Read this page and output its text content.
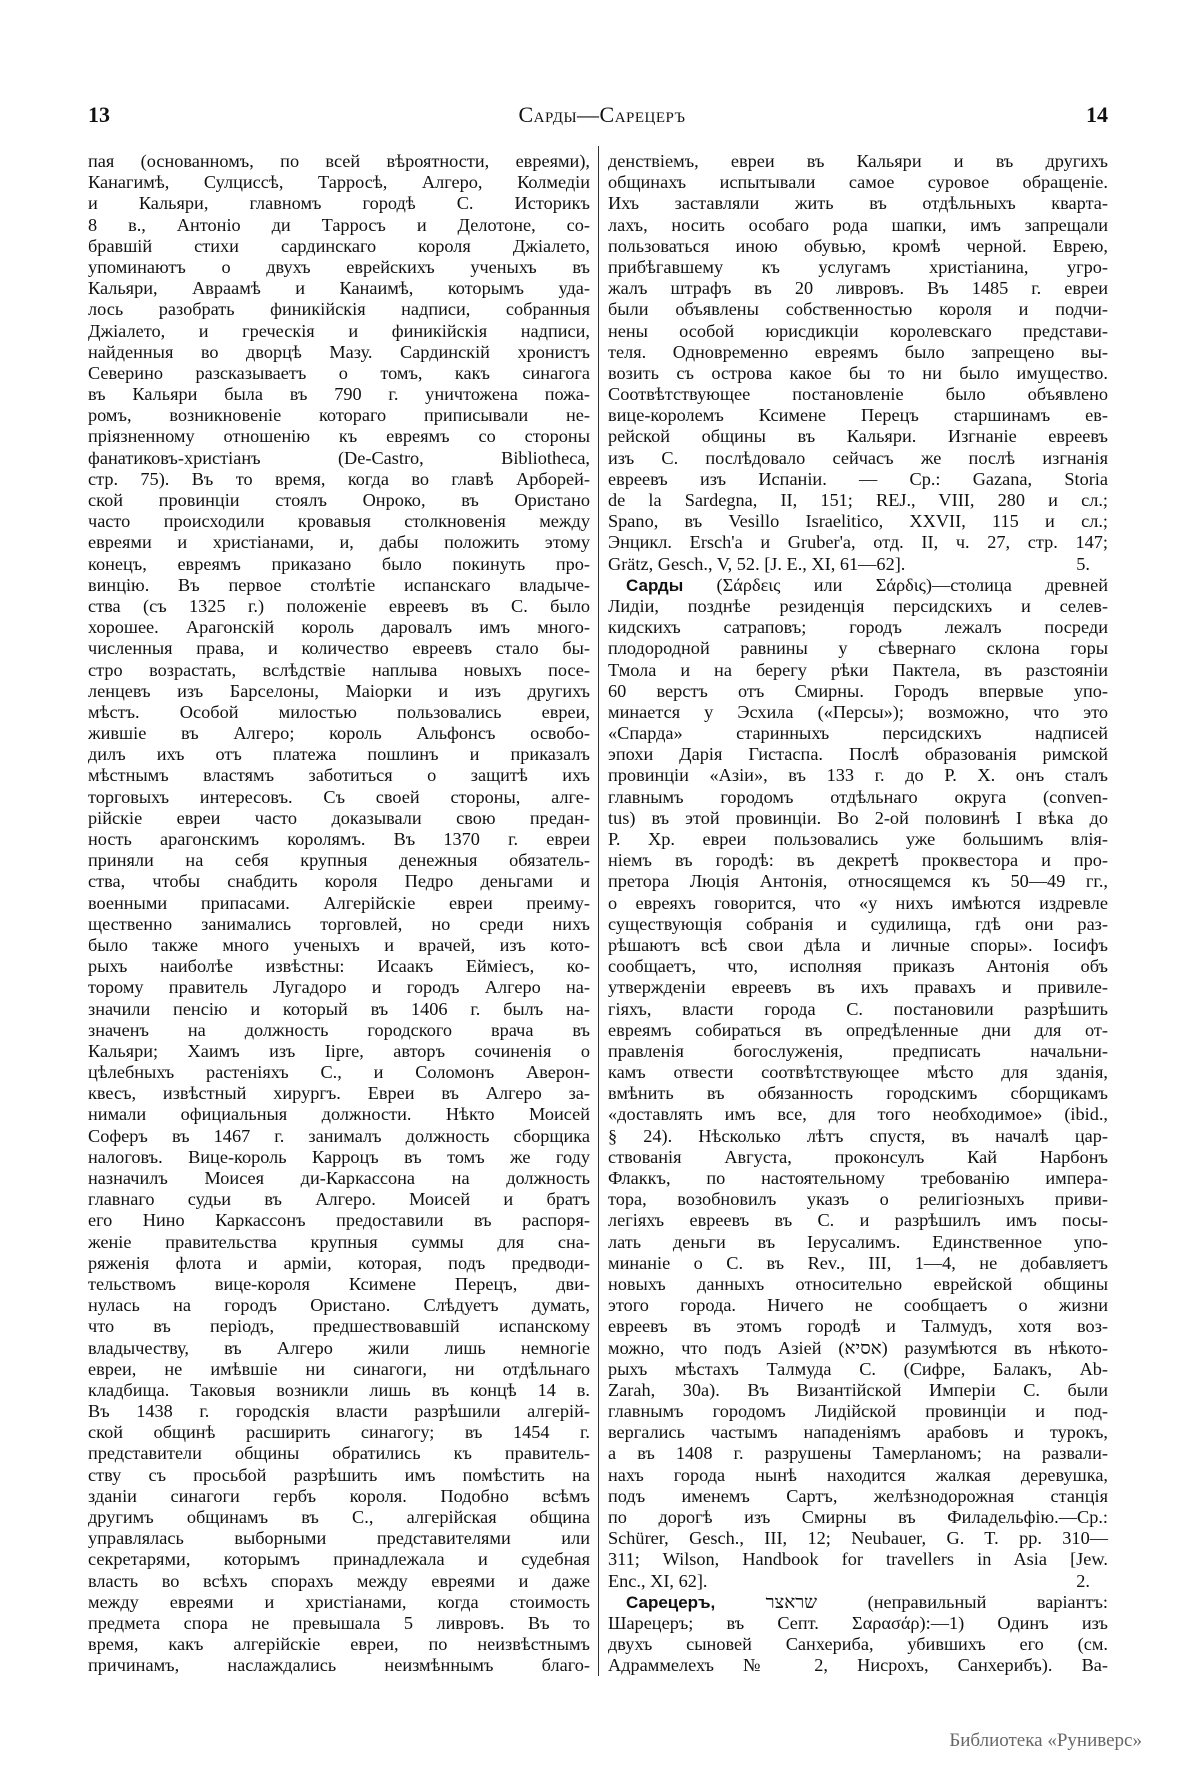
13	Сарды—Сарецеръ	14
пая (основанномъ, по всей вѣроятности, евреями),
Канагимѣ, Сулциссѣ, Тарросѣ, Алгеро, Колмедіи
и Кальяри, главномъ городѣ С. Историкъ
8 в., Антоніо ди Тарросъ и Делотоне, со-
бравшій стихи сардинскаго короля Джіалето,
упоминаютъ о двухъ еврейскихъ ученыхъ въ
Кальяри, Авраамѣ и Канаимѣ, которымъ уда-
лось разобрать финикійскія надписи, собранныя
Джіалето, и греческія и финикійскія надписи,
найденныя во дворцѣ Мазу. Сардинскій хронистъ
Северино разсказываетъ о томъ, какъ синагога
въ Кальяри была въ 790 г. уничтожена пожа-
ромъ, возникновеніе котораго приписывали не-
пріязненному отношенію къ евреямъ со стороны
фанатиковъ-христіанъ (De-Castro, Bibliotheca,
стр. 75). Въ то время, когда во главѣ Арборей-
ской провинціи стоялъ Онроко, въ Ористано
часто происходили кровавыя столкновенія между
евреями и христіанами, и, дабы положить этому
конецъ, евреямъ приказано было покинуть про-
винцію. Въ первое столѣтіе испанскаго владыче-
ства (съ 1325 г.) положеніе евреевъ въ С. было
хорошее. Арагонскій король даровалъ имъ много-
численныя права, и количество евреевъ стало бы-
стро возрастать, вслѣдствіе наплыва новыхъ посе-
ленцевъ изъ Барселоны, Маіорки и изъ другихъ
мѣстъ. Особой милостью пользовались евреи,
жившіе въ Алгеро; король Альфонсъ освобо-
дилъ ихъ отъ платежа пошлинъ и приказалъ
мѣстнымъ властямъ заботиться о защитѣ ихъ
торговыхъ интересовъ. Съ своей стороны, алге-
рійскіе евреи часто доказывали свою предан-
ность арагонскимъ королямъ. Въ 1370 г. евреи
приняли на себя крупныя денежныя обязатель-
ства, чтобы снабдить короля Педро деньгами и
военными припасами. Алгерійскіе евреи преиму-
щественно занимались торговлей, но среди нихъ
было также много ученыхъ и врачей, изъ кото-
рыхъ наиболѣе извѣстны: Исаакъ Еймiесъ, ко-
торому правитель Лугадоро и городъ Алгеро на-
значили пенсію и который въ 1406 г. былъ на-
значенъ на должность городского врача въ
Кальяри; Хаимъ изъ Ііpre, авторъ сочиненія о
цѣлебныхъ растеніяхъ С., и Соломонъ Аверон-
квесъ, извѣстный хирургъ. Евреи въ Алгеро за-
нимали официальныя должности. Нѣкто Моисей
Соферъ въ 1467 г. занималъ должность сборщика
налоговъ. Вице-король Карроцъ въ томъ же году
назначилъ Моисея ди-Каркассона на должность
главнаго судьи въ Алгеро. Моисей и братъ
его Нино Каркассонъ предоставили въ распоря-
женіе правительства крупныя суммы для сна-
ряженія флота и арміи, которая, подъ предводи-
тельствомъ вице-короля Ксимене Перецъ, дви-
нулась на городъ Ористано. Слѣдуетъ думать,
что въ періодъ, предшествовавшій испанскому
владычеству, въ Алгеро жили лишь немногіе
евреи, не имѣвшіе ни синагоги, ни отдѣльнаго
кладбища. Таковыя возникли лишь въ концѣ 14 в.
Въ 1438 г. городскія власти разрѣшили алгерій-
ской общинѣ расширить синагогу; въ 1454 г.
представители общины обратились къ правитель-
ству съ просьбой разрѣшить имъ помѣстить на
зданіи синагоги гербъ короля. Подобно всѣмъ
другимъ общинамъ въ С., алгерійская община
управлялась выборными представителями или
секретарями, которымъ принадлежала и судебная
власть во всѣхъ спорахъ между евреями и даже
между евреями и христіанами, когда стоимость
предмета спора не превышала 5 ливровъ. Въ то
время, какъ алгерійскіе евреи, по неизвѣстнымъ
причинамъ, наслаждались неизмѣннымъ благо-
денствіемъ, евреи въ Кальяри и въ другихъ
общинахъ испытывали самое суровое обращеніе.
Ихъ заставляли жить въ отдѣльныхъ кварта-
лахъ, носить особаго рода шапки, имъ запрещали
пользоваться иною обувью, кромѣ черной. Еврею,
прибѣгавшему къ услугамъ христіанина, угро-
жалъ штрафъ въ 20 ливровъ. Въ 1485 г. евреи
были объявлены собственностью короля и подчи-
нены особой юрисдикціи королевскаго представи-
теля. Одновременно евреямъ было запрещено вы-
возить съ острова какое бы то ни было имущество.
Соотвѣтствующее постановленіе было объявлено
вице-королемъ Ксимене Перецъ старшинамъ ев-
рейской общины въ Кальяри. Изгнаніе евреевъ
изъ С. послѣдовало сейчасъ же послѣ изгнанія
евреевъ изъ Испаніи. — Ср.: Gazana, Storia
de la Sardegna, II, 151; REJ., VIII, 280 и сл.;
Spano, въ Vesillo Israelitico, XXVII, 115 и сл.;
Энцикл. Ersch'a и Gruber'a, отд. II, ч. 27, стр. 147;
Grätz, Gesch., V, 52. [J. E., XI, 61—62].	5.
Сарды (Σάρδεις или Σάρδις)—столица древней
Лидіи, позднѣе резиденція персидскихъ и селев-
кидскихъ сатраповъ; городъ лежалъ посреди
плодородной равнины у сѣвернаго склона горы
Тмола и на берегу рѣки Пактела, въ разстояніи
60 верстъ отъ Смирны. Городъ впервые упо-
минается у Эсхила («Персы»); возможно, что это
«Спарда» старинныхъ персидскихъ надписей
эпохи Дарія Гистаспа. Послѣ образованія римской
провинціи «Азіи», въ 133 г. до Р. Х. онъ сталъ
главнымъ городомъ отдѣльнаго округа (conven-
tus) въ этой провинціи. Во 2-ой половинѣ I вѣка до
Р. Хр. евреи пользовались уже большимъ влія-
ніемъ въ городѣ: въ декретѣ проквестора и про-
претора Люція Антонія, относящемся къ 50—49 гг.,
о евреяхъ говорится, что «у нихъ имѣются издревле
существующія собранія и судилища, гдѣ они раз-
рѣшаютъ всѣ свои дѣла и личные споры». Іосифъ
сообщаетъ, что, исполняя приказъ Антонія объ
утвержденіи евреевъ въ ихъ правахъ и привиле-
гіяхъ, власти города С. постановили разрѣшить
евреямъ собираться въ опредѣленные дни для от-
правленія богослуженія, предписать начальни-
камъ отвести соотвѣтствующее мѣсто для зданія,
вмѣнить въ обязанность городскимъ сборщикамъ
«доставлять имъ все, для того необходимое» (ibid.,
§ 24). Нѣсколько лѣтъ спустя, въ началѣ цар-
ствованія Августа, проконсулъ Кай Нарбонъ
Флаккъ, по настоятельному требованію импера-
тора, возобновилъ указъ о религіозныхъ приви-
легіяхъ евреевъ въ С. и разрѣшилъ имъ посы-
лать деньги въ Іерусалимъ. Единственное упо-
минаніе о С. въ Rev., III, 1—4, не добавляетъ
новыхъ данныхъ относительно еврейской общины
этого города. Ничего не сообщаетъ о жизни
евреевъ въ этомъ городѣ и Талмудъ, хотя воз-
можно, что подъ Азіей (אסיא) разумѣются въ нѣкото-
рыхъ мѣстахъ Талмуда С. (Сифре, Балакъ, Ab-
Zarah, 30a). Въ Византійской Имперіи С. были
главнымъ городомъ Лидійской провинціи и под-
вергались частымъ нападеніямъ арабовъ и турокъ,
а въ 1408 г. разрушены Тамерланомъ; на развали-
нахъ города нынѣ находится жалкая деревушка,
подъ именемъ Сартъ, желѣзнодорожная станція
по дорогѣ изъ Смирны въ Филадельфію.—Ср.:
Schürer, Gesch., III, 12; Neubauer, G. T. pp. 310—
311; Wilson, Handbook for travellers in Asia [Jew.
Enc., XI, 62].	2.
Сарецеръ, שראצר (неправильный варіантъ:
Шарецеръ; въ Септ. Σαρασάρ):—1) Одинъ изъ
двухъ сыновей Санхериба, убившихъ его (см.
Адраммелехъ № 2, Нисрохъ, Санхерибъ). Ва-
Библиотека «Руниверс»
